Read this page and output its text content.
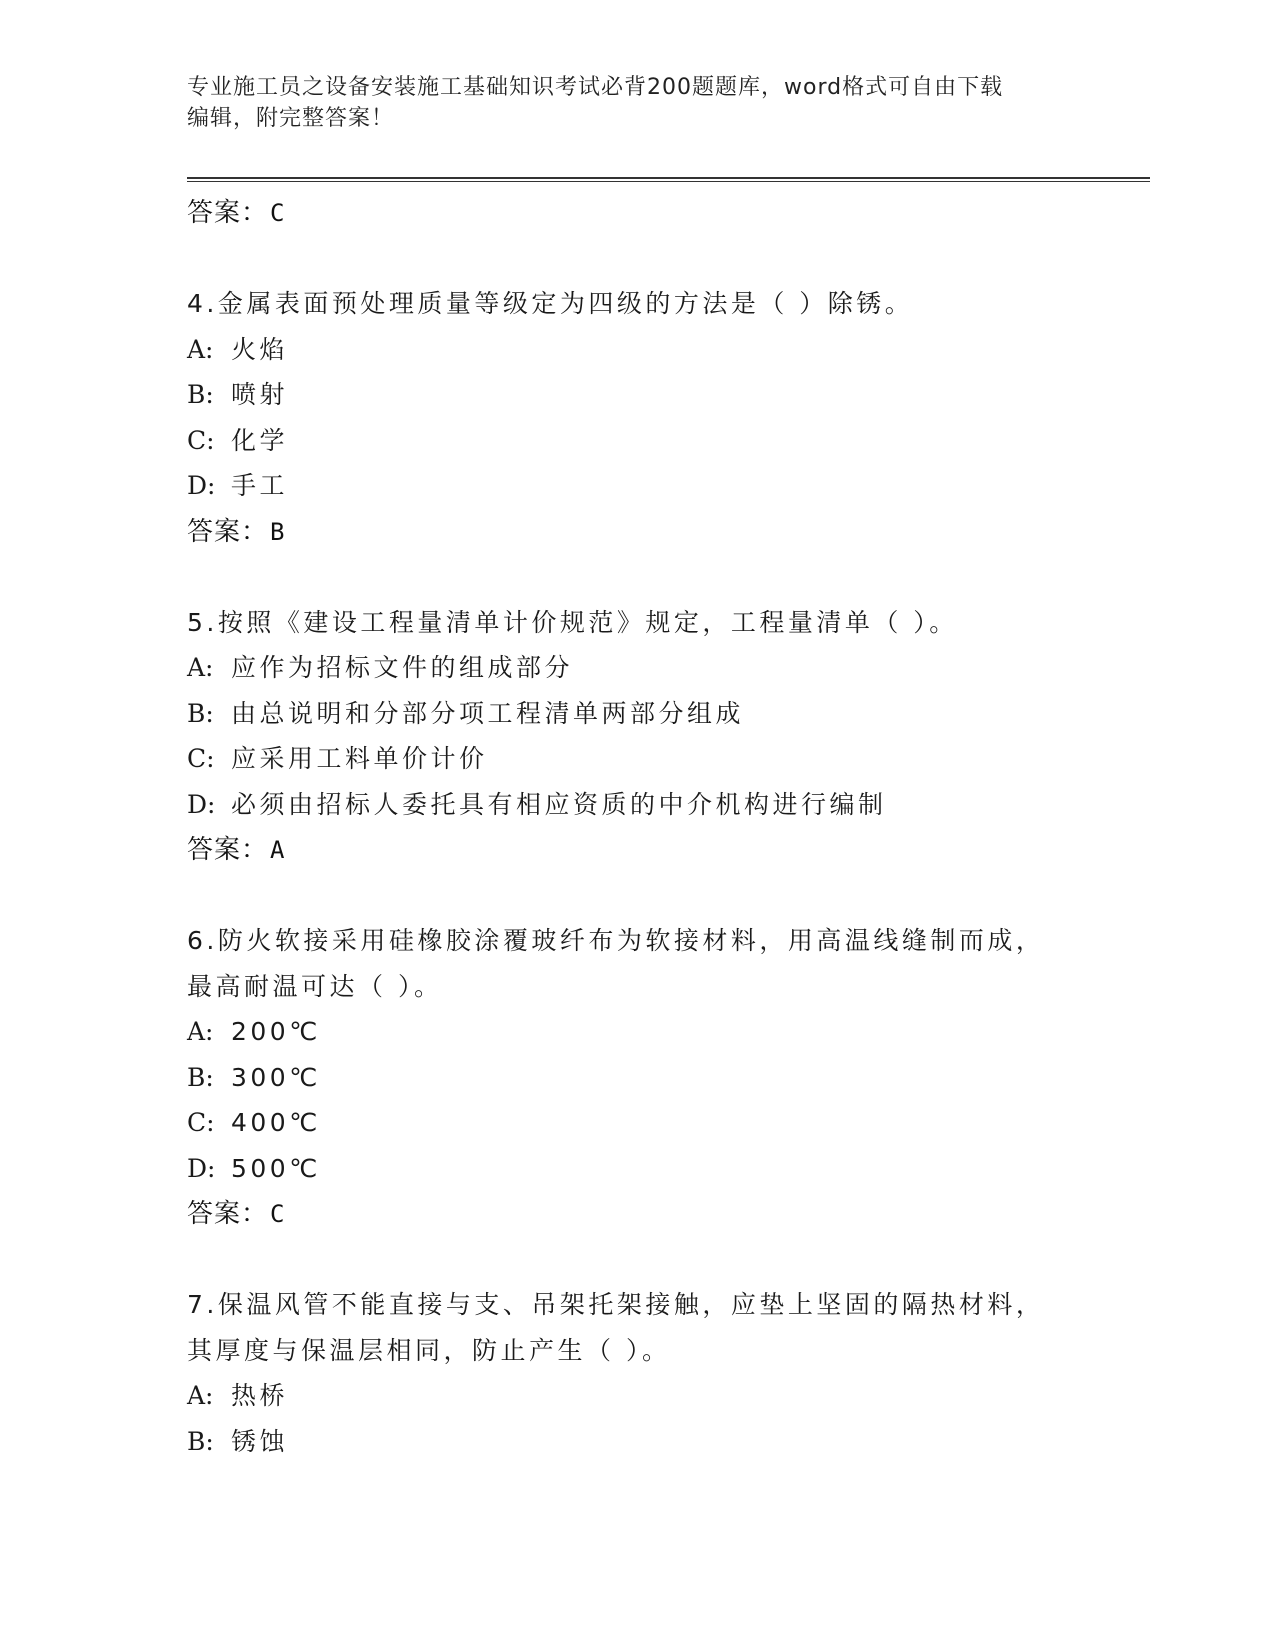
专业施工员之设备安装施工基础知识考试必背200题题库，word格式可自由下载
编辑，附完整答案！
答案：C
4.金属表面预处理质量等级定为四级的方法是（ ）除锈。
A: 火焰
B: 喷射
C: 化学
D: 手工
答案：B
5.按照《建设工程量清单计价规范》规定，工程量清单（ ）。
A: 应作为招标文件的组成部分
B: 由总说明和分部分项工程清单两部分组成
C: 应采用工料单价计价
D: 必须由招标人委托具有相应资质的中介机构进行编制
答案：A
6.防火软接采用硅橡胶涂覆玻纤布为软接材料，用高温线缝制而成，
最高耐温可达（ ）。
A: 200℃
B: 300℃
C: 400℃
D: 500℃
答案：C
7.保温风管不能直接与支、吊架托架接触，应垫上坚固的隔热材料，
其厚度与保温层相同，防止产生（ ）。
A: 热桥
B: 锈蚀
